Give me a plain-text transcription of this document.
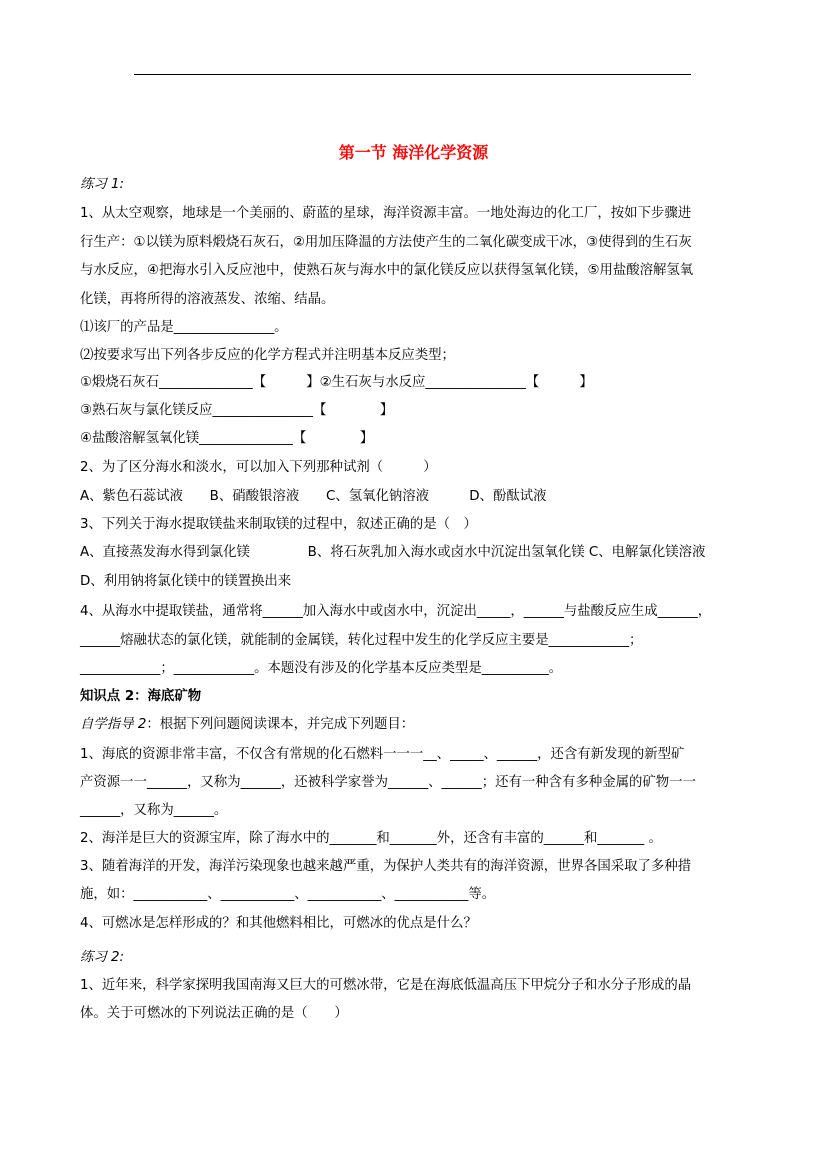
第一节 海洋化学资源
练习 1:
1、从太空观察，地球是一个美丽的、蔚蓝的星球，海洋资源丰富。一地处海边的化工厂，按如下步骤进
行生产：①以镁为原料煅烧石灰石，②用加压降温的方法使产生的二氧化碳变成干冰，③使得到的生石灰
与水反应，④把海水引入反应池中，使熟石灰与海水中的氯化镁反应以获得氢氧化镁，⑤用盐酸溶解氢氧
化镁，再将所得的溶液蒸发、浓缩、结晶。
⑴该厂的产品是_______________。
⑵按要求写出下列各步反应的化学方程式并注明基本反应类型；
①煅烧石灰石______________【　　　】②生石灰与水反应_______________【　　　】
③熟石灰与氯化镁反应_______________【　　　　】
④盐酸溶解氢氧化镁______________【　　　　】
2、为了区分海水和淡水，可以加入下列那种试剂（　　　）
A、紫色石蕊试液　　B、硝酸银溶液　　C、氢氧化钠溶液　　　D、酚酞试液
3、下列关于海水提取镁盐来制取镁的过程中，叙述正确的是（　）
A、直接蒸发海水得到氯化镁　　　　 B、将石灰乳加入海水或卤水中沉淀出氢氧化镁 C、电解氯化镁溶液
D、利用钠将氯化镁中的镁置换出来
4、从海水中提取镁盐，通常将______加入海水中或卤水中，沉淀出_____，______与盐酸反应生成______，
______熔融状态的氯化镁，就能制的金属镁，转化过程中发生的化学反应主要是____________；
____________；____________。本题没有涉及的化学基本反应类型是__________。
知识点 2：海底矿物
自学指导 2：根据下列问题阅读课本，并完成下列题目：
1、海底的资源非常丰富，不仅含有常规的化石燃料一一一__、_____、______，还含有新发现的新型矿
产资源一一______，又称为______，还被科学家誉为______、______；还有一种含有多种金属的矿物一一
______，又称为______。
2、海洋是巨大的资源宝库，除了海水中的_______和_______外，还含有丰富的______和_______ 。
3、随着海洋的开发，海洋污染现象也越来越严重，为保护人类共有的海洋资源，世界各国采取了多种措
施，如：___________、___________、___________、___________等。
4、可燃冰是怎样形成的？和其他燃料相比，可燃冰的优点是什么？
练习 2:
1、近年来，科学家探明我国南海又巨大的可燃冰带，它是在海底低温高压下甲烷分子和水分子形成的晶
体。关于可燃冰的下列说法正确的是（　　）
